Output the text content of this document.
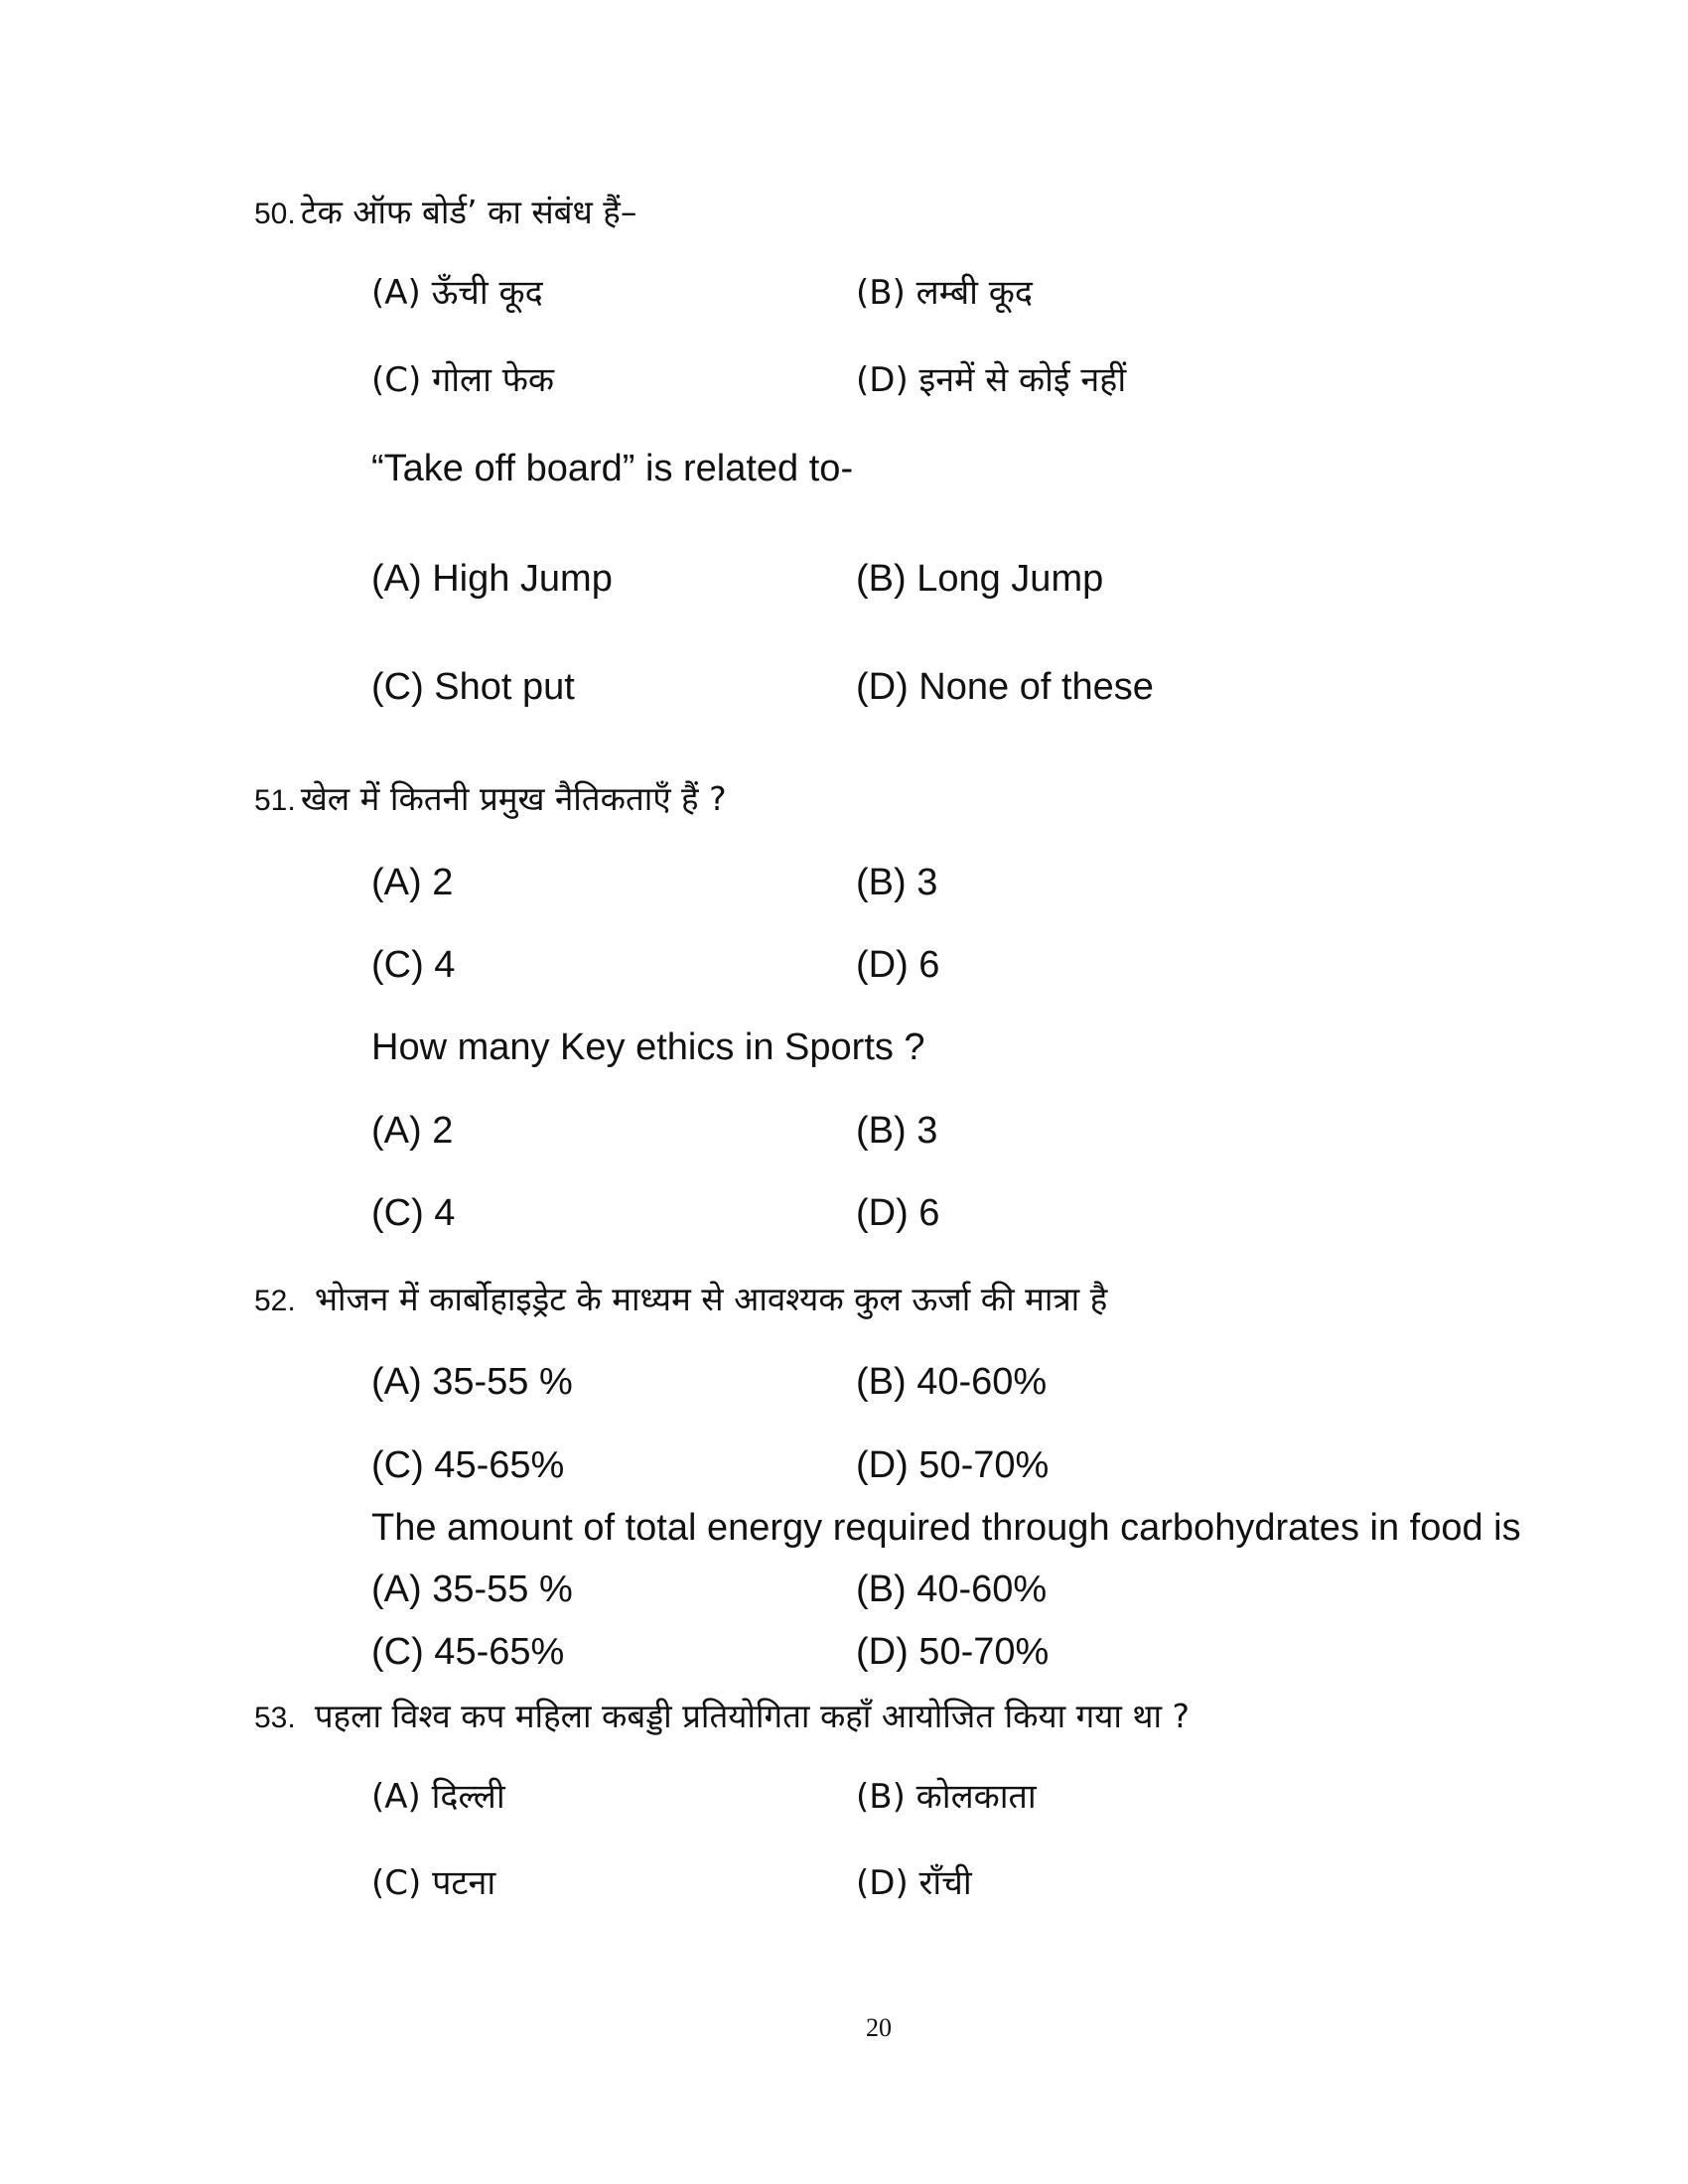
50. टेक ऑफ बोर्ड’ का संबंध हैं–
(A) ऊँची कूद	(B) लम्बी कूद
(C) गोला फेक	(D) इनमें से कोई नहीं
“Take off board” is related to-
(A) High Jump	(B) Long Jump
(C) Shot put	(D) None of these
51. खेल में कितनी प्रमुख नैतिकताएँ हैं ?
(A) 2	(B) 3
(C) 4	(D) 6
How many Key ethics in Sports ?
(A) 2	(B) 3
(C) 4	(D) 6
52. भोजन में कार्बोहाइड्रेट के माध्यम से आवश्यक कुल ऊर्जा की मात्रा है
(A) 35-55 %	(B) 40-60%
(C) 45-65%	(D) 50-70%
The amount of total energy required through carbohydrates in food is
(A) 35-55 %	(B) 40-60%
(C) 45-65%	(D) 50-70%
53. पहला विश्व कप महिला कबड्डी प्रतियोगिता कहाँ आयोजित किया गया था ?
(A) दिल्ली	(B) कोलकाता
(C) पटना	(D) राँची
20
